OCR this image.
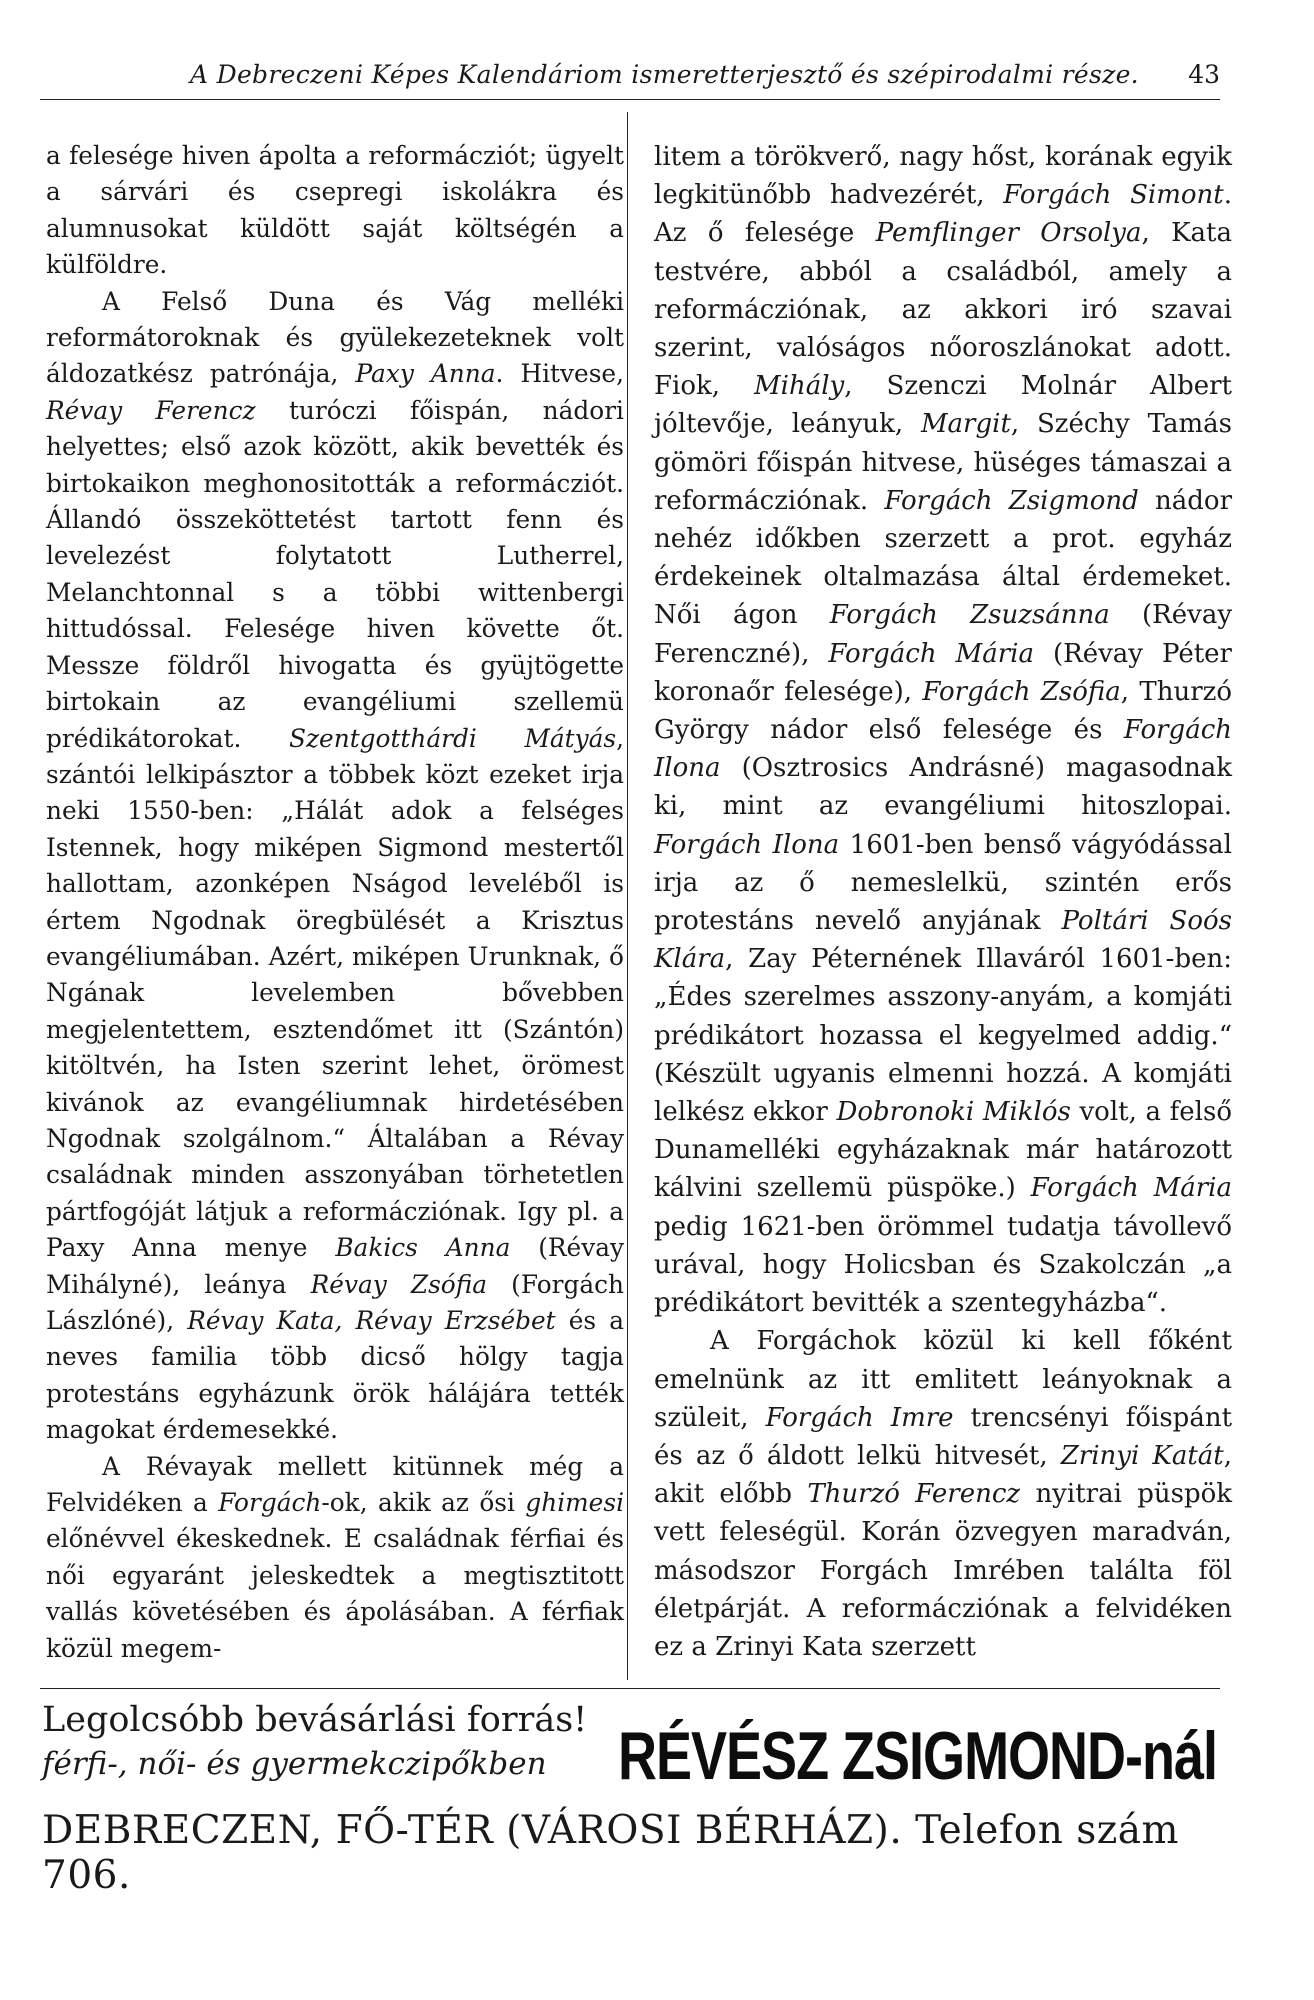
A Debreczeni Képes Kalendáriom ismeretterjesztő és szépirodalmi része. 43

a felesége hiven ápolta a reformácziót; ügyelt a sárvári és csepregi iskolákra és alumnusokat küldött saját költségén a külföldre.

A Felső Duna és Vág melléki reformátoroknak és gyülekezeteknek volt áldozatkész patrónája, Paxy Anna. Hitvese, Révay Ferencz turóczi főispán, nádori helyettes; első azok között, akik bevették és birtokaikon meghonositották a reformácziót. Állandó összeköttetést tartott fenn és levelezést folytatott Lutherrel, Melanchtonnal s a többi wittenbergi hittudóssal. Felesége hiven követte őt. Messze földről hivogatta és gyüjtögette birtokain az evangéliumi szellemü prédikátorokat. Szentgotthárdi Mátyás, szántói lelkipásztor a többek közt ezeket irja neki 1550-ben: „Hálát adok a felséges Istennek, hogy miképen Sigmond mestertől hallottam, azonképen Nságod leveléből is értem Ngodnak öregbülését a Krisztus evangéliumában. Azért, miképen Urunknak, ő Ngának levelemben bővebben megjelentettem, esztendőmet itt (Szántón) kitöltvén, ha Isten szerint lehet, örömest kivánok az evangéliumnak hirdetésében Ngodnak szolgálnom.“ Általában a Révay családnak minden asszonyában törhetetlen pártfogóját látjuk a reformácziónak. Igy pl. a Paxy Anna menye Bakics Anna (Révay Mihályné), leánya Révay Zsófia (Forgách Lászlóné), Révay Kata, Révay Erzsébet és a neves familia több dicső hölgy tagja protestáns egyházunk örök hálájára tették magokat érdemesekké.

A Révayak mellett kitünnek még a Felvidéken a Forgách-ok, akik az ősi ghimesi előnévvel ékeskednek. E családnak férfiai és női egyaránt jeleskedtek a megtisztitott vallás követésében és ápolásában. A férfiak közül megem-

litem a törökverő, nagy hőst, korának egyik legkitünőbb hadvezérét, Forgách Simont. Az ő felesége Pemflinger Orsolya, Kata testvére, abból a családból, amely a reformácziónak, az akkori iró szavai szerint, valóságos nőoroszlánokat adott. Fiok, Mihály, Szenczi Molnár Albert jóltevője, leányuk, Margit, Széchy Tamás gömöri főispán hitvese, hüséges támaszai a reformácziónak. Forgách Zsigmond nádor nehéz időkben szerzett a prot. egyház érdekeinek oltalmazása által érdemeket. Női ágon Forgách Zsuzsánna (Révay Ferenczné), Forgách Mária (Révay Péter koronaőr felesége), Forgách Zsófia, Thurzó György nádor első felesége és Forgách Ilona (Osztrosics Andrásné) magasodnak ki, mint az evangéliumi hitoszlopai. Forgách Ilona 1601-ben benső vágyódással irja az ő nemeslelkü, szintén erős protestáns nevelő anyjának Poltári Soós Klára, Zay Péternének Illaváról 1601-ben: „Édes szerelmes asszony-anyám, a komjáti prédikátort hozassa el kegyelmed addig.“ (Készült ugyanis elmenni hozzá. A komjáti lelkész ekkor Dobronoki Miklós volt, a felső Dunamelléki egyházaknak már határozott kálvini szellemü püspöke.) Forgách Mária pedig 1621-ben örömmel tudatja távollevő urával, hogy Holicsban és Szakolczán „a prédikátort bevitték a szentegyházba“.

A Forgáchok közül ki kell főként emelnünk az itt emlitett leányoknak a szüleit, Forgách Imre trencsényi főispánt és az ő áldott lelkü hitvesét, Zrinyi Katát, akit előbb Thurzó Ferencz nyitrai püspök vett feleségül. Korán özvegyen maradván, másodszor Forgách Imrében találta föl életpárját. A reformácziónak a felvidéken ez a Zrinyi Kata szerzett

Legolcsóbb bevásárlási forrás!
férfi-, női- és gyermekczipőkben RÉVÉSZ ZSIGMOND-nál
DEBRECZEN, FŐ-TÉR (VÁROSI BÉRHÁZ). Telefon szám 706.
